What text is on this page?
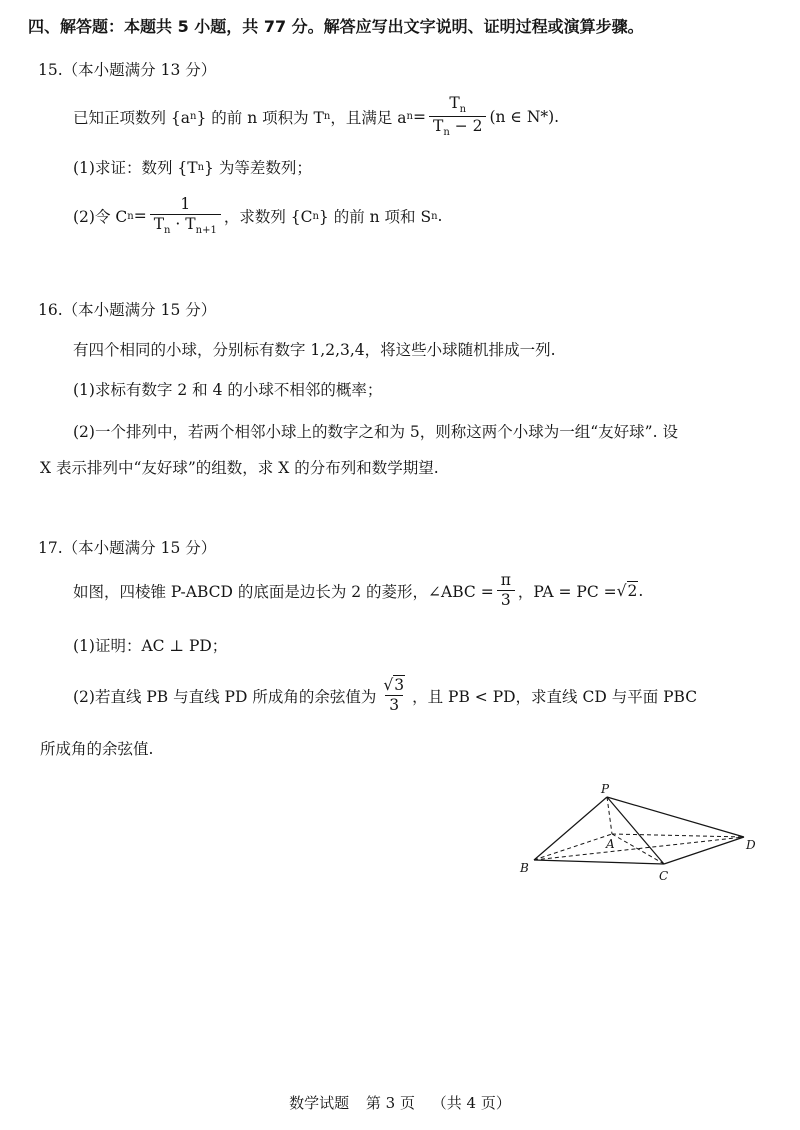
四、解答题：本题共 5 小题，共 77 分。解答应写出文字说明、证明过程或演算步骤。
15.（本小题满分 13 分）
已知正项数列 {a n } 的前 n 项积为 T n ，且满足 a $n = \frac{T_n}{T_n - 2} (n$ ∈ N*).
(1)求证：数列 {T n } 为等差数列；
(2)令 C $n = \frac{1}{T_n \cdot T_{n+1}}$ ，求数列 {C n } 的前 n 项和 S n .
16.（本小题满分 15 分）
有四个相同的小球，分别标有数字 1,2,3,4，将这些小球随机排成一列.
(1)求标有数字 2 和 4 的小球不相邻的概率；
(2)一个排列中，若两个相邻小球上的数字之和为 5，则称这两个小球为一组“友好球”. 设
X 表示排列中“友好球”的组数，求 X 的分布列和数学期望.
17.（本小题满分 15 分）
如图，四棱锥 P-ABCD 的底面是边长为 2 的菱形，∠ABC = $\frac{\pi}{3}$ ，PA = PC = √ 2 .
(1)证明：AC ⊥ PD；
(2)若直线 PB 与直线 PD 所成角的余弦值为 $\frac{√3}{3}$ ，且 PB < PD，求直线 CD 与平面 PBC
所成角的余弦值.
P
A
B
C
D
数学试题 第 3 页 （共 4 页）
